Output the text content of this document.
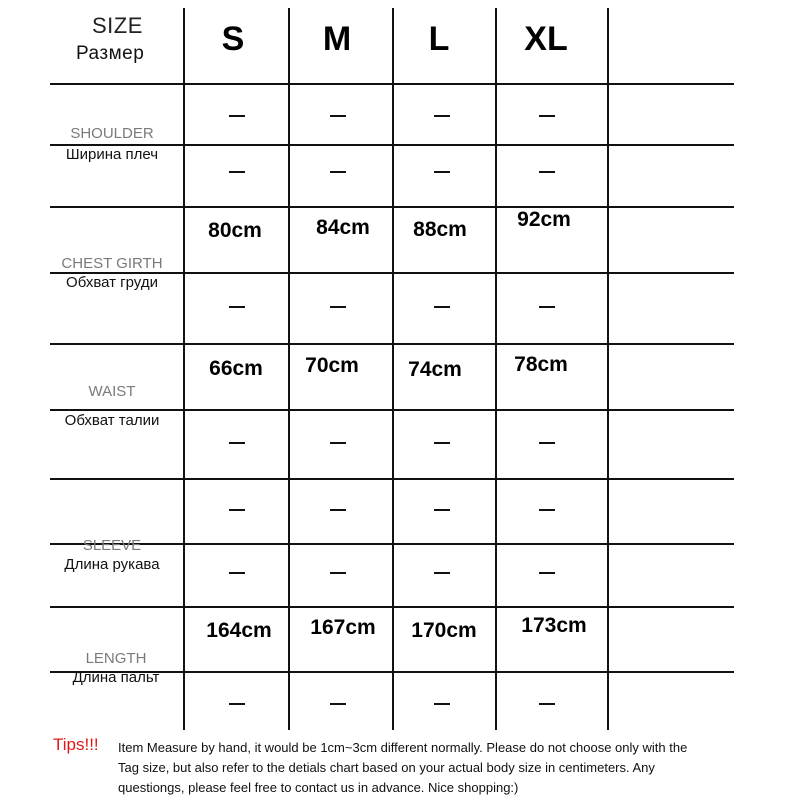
SIZE
Размер S M L XL
SHOULDER
Ширина плеч
CHEST GIRTH
Обхват груди
80cm	84cm 88cm 92cm
WAIST
Обхват талии
66cm 70cm 74cm 78cm
SLEEVE
Длина рукава
LENGTH
Длина пальт
164cm 167cm 170cm 173cm
Tips!!! Item Measure by hand, it would be 1cm~3cm different normally. Please do not choose only with the
Tag size, but also refer to the detials chart based on your actual body size in centimeters. Any
questiongs, please feel free to contact us in advance. Nice shopping:)
